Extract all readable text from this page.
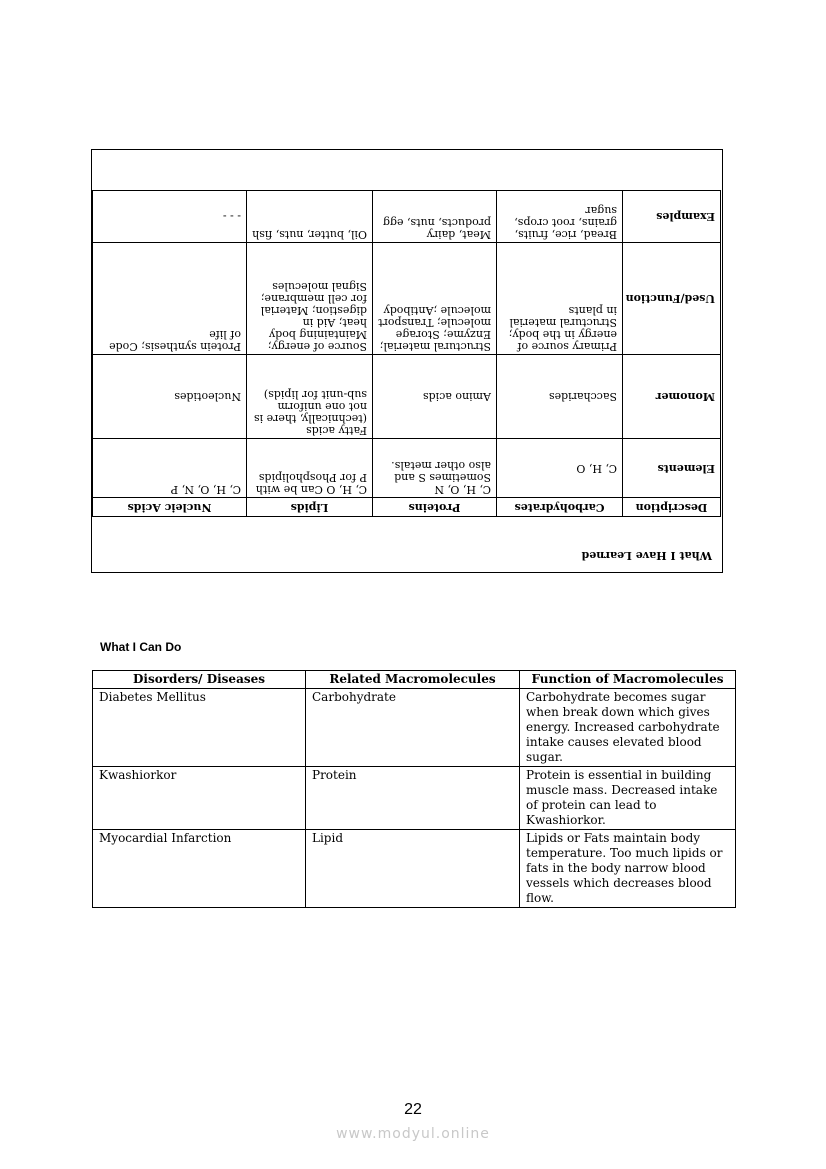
What I Have Learned
Description	Carbohydrates	Proteins	Lipids	Nucleic Acids
Elements	C, H, O	C, H, O, N Sometimes S and also other metals.	C, H, O Can be with P for Phospholipids	C, H, O, N, P
Monomer	Saccharides	Amino acids	Fatty acids (technically, there is not one uniform sub-unit for lipids)	Nucleotides
Used/Function	Primary source of energy in the body; Structural material in plants	Structural material; Enzyme; Storage molecule; Transport molecule ;Antibody	Source of energy; Maintaining body heat; Aid in digestion; Material for cell membrane; Signal molecules	Protein synthesis; Code of life
Examples	Bread, rice, fruits, grains, root crops, sugar	Meat, dairy products, nuts, egg	Oil, butter, nuts, fish	- - -
What I Can Do
Disorders/ Diseases	Related Macromolecules	Function of Macromolecules
Diabetes Mellitus	Carbohydrate	Carbohydrate becomes sugar when break down which gives energy. Increased carbohydrate intake causes elevated blood sugar.
Kwashiorkor	Protein	Protein is essential in building muscle mass. Decreased intake of protein can lead to Kwashiorkor.
Myocardial Infarction	Lipid	Lipids or Fats maintain body temperature. Too much lipids or fats in the body narrow blood vessels which decreases blood flow.
22
www.modyul.online
